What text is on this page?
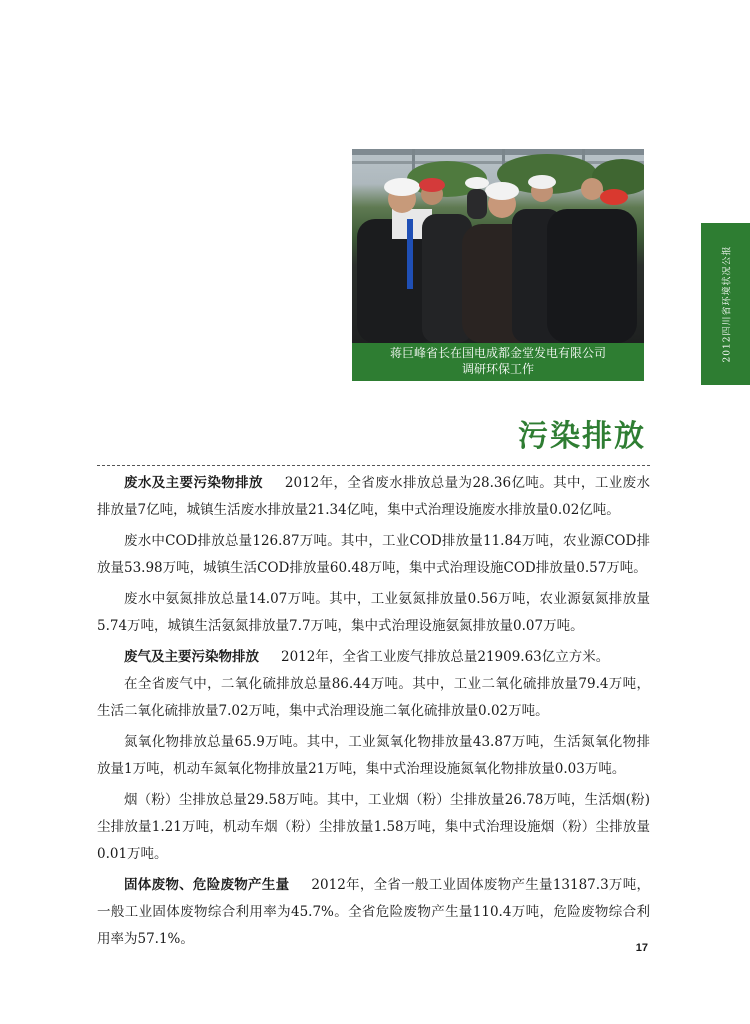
蒋巨峰省长在国电成都金堂发电有限公司
调研环保工作
2012四川省环境状况公报
污染排放

废水及主要污染物排放 2012年，全省废水排放总量为28.36亿吨。其中，工业废水排放量7亿吨，城镇生活废水排放量21.34亿吨，集中式治理设施废水排放量0.02亿吨。

废水中COD排放总量126.87万吨。其中，工业COD排放量11.84万吨，农业源COD排放量53.98万吨，城镇生活COD排放量60.48万吨，集中式治理设施COD排放量0.57万吨。

废水中氨氮排放总量14.07万吨。其中，工业氨氮排放量0.56万吨，农业源氨氮排放量5.74万吨，城镇生活氨氮排放量7.7万吨，集中式治理设施氨氮排放量0.07万吨。

废气及主要污染物排放 2012年，全省工业废气排放总量21909.63亿立方米。

在全省废气中，二氧化硫排放总量86.44万吨。其中，工业二氧化硫排放量79.4万吨，生活二氧化硫排放量7.02万吨，集中式治理设施二氧化硫排放量0.02万吨。

氮氧化物排放总量65.9万吨。其中，工业氮氧化物排放量43.87万吨，生活氮氧化物排放量1万吨，机动车氮氧化物排放量21万吨，集中式治理设施氮氧化物排放量0.03万吨。

烟（粉）尘排放总量29.58万吨。其中，工业烟（粉）尘排放量26.78万吨，生活烟(粉)尘排放量1.21万吨，机动车烟（粉）尘排放量1.58万吨，集中式治理设施烟（粉）尘排放量0.01万吨。

固体废物、危险废物产生量 2012年，全省一般工业固体废物产生量13187.3万吨，一般工业固体废物综合利用率为45.7%。全省危险废物产生量110.4万吨，危险废物综合利用率为57.1%。

17
